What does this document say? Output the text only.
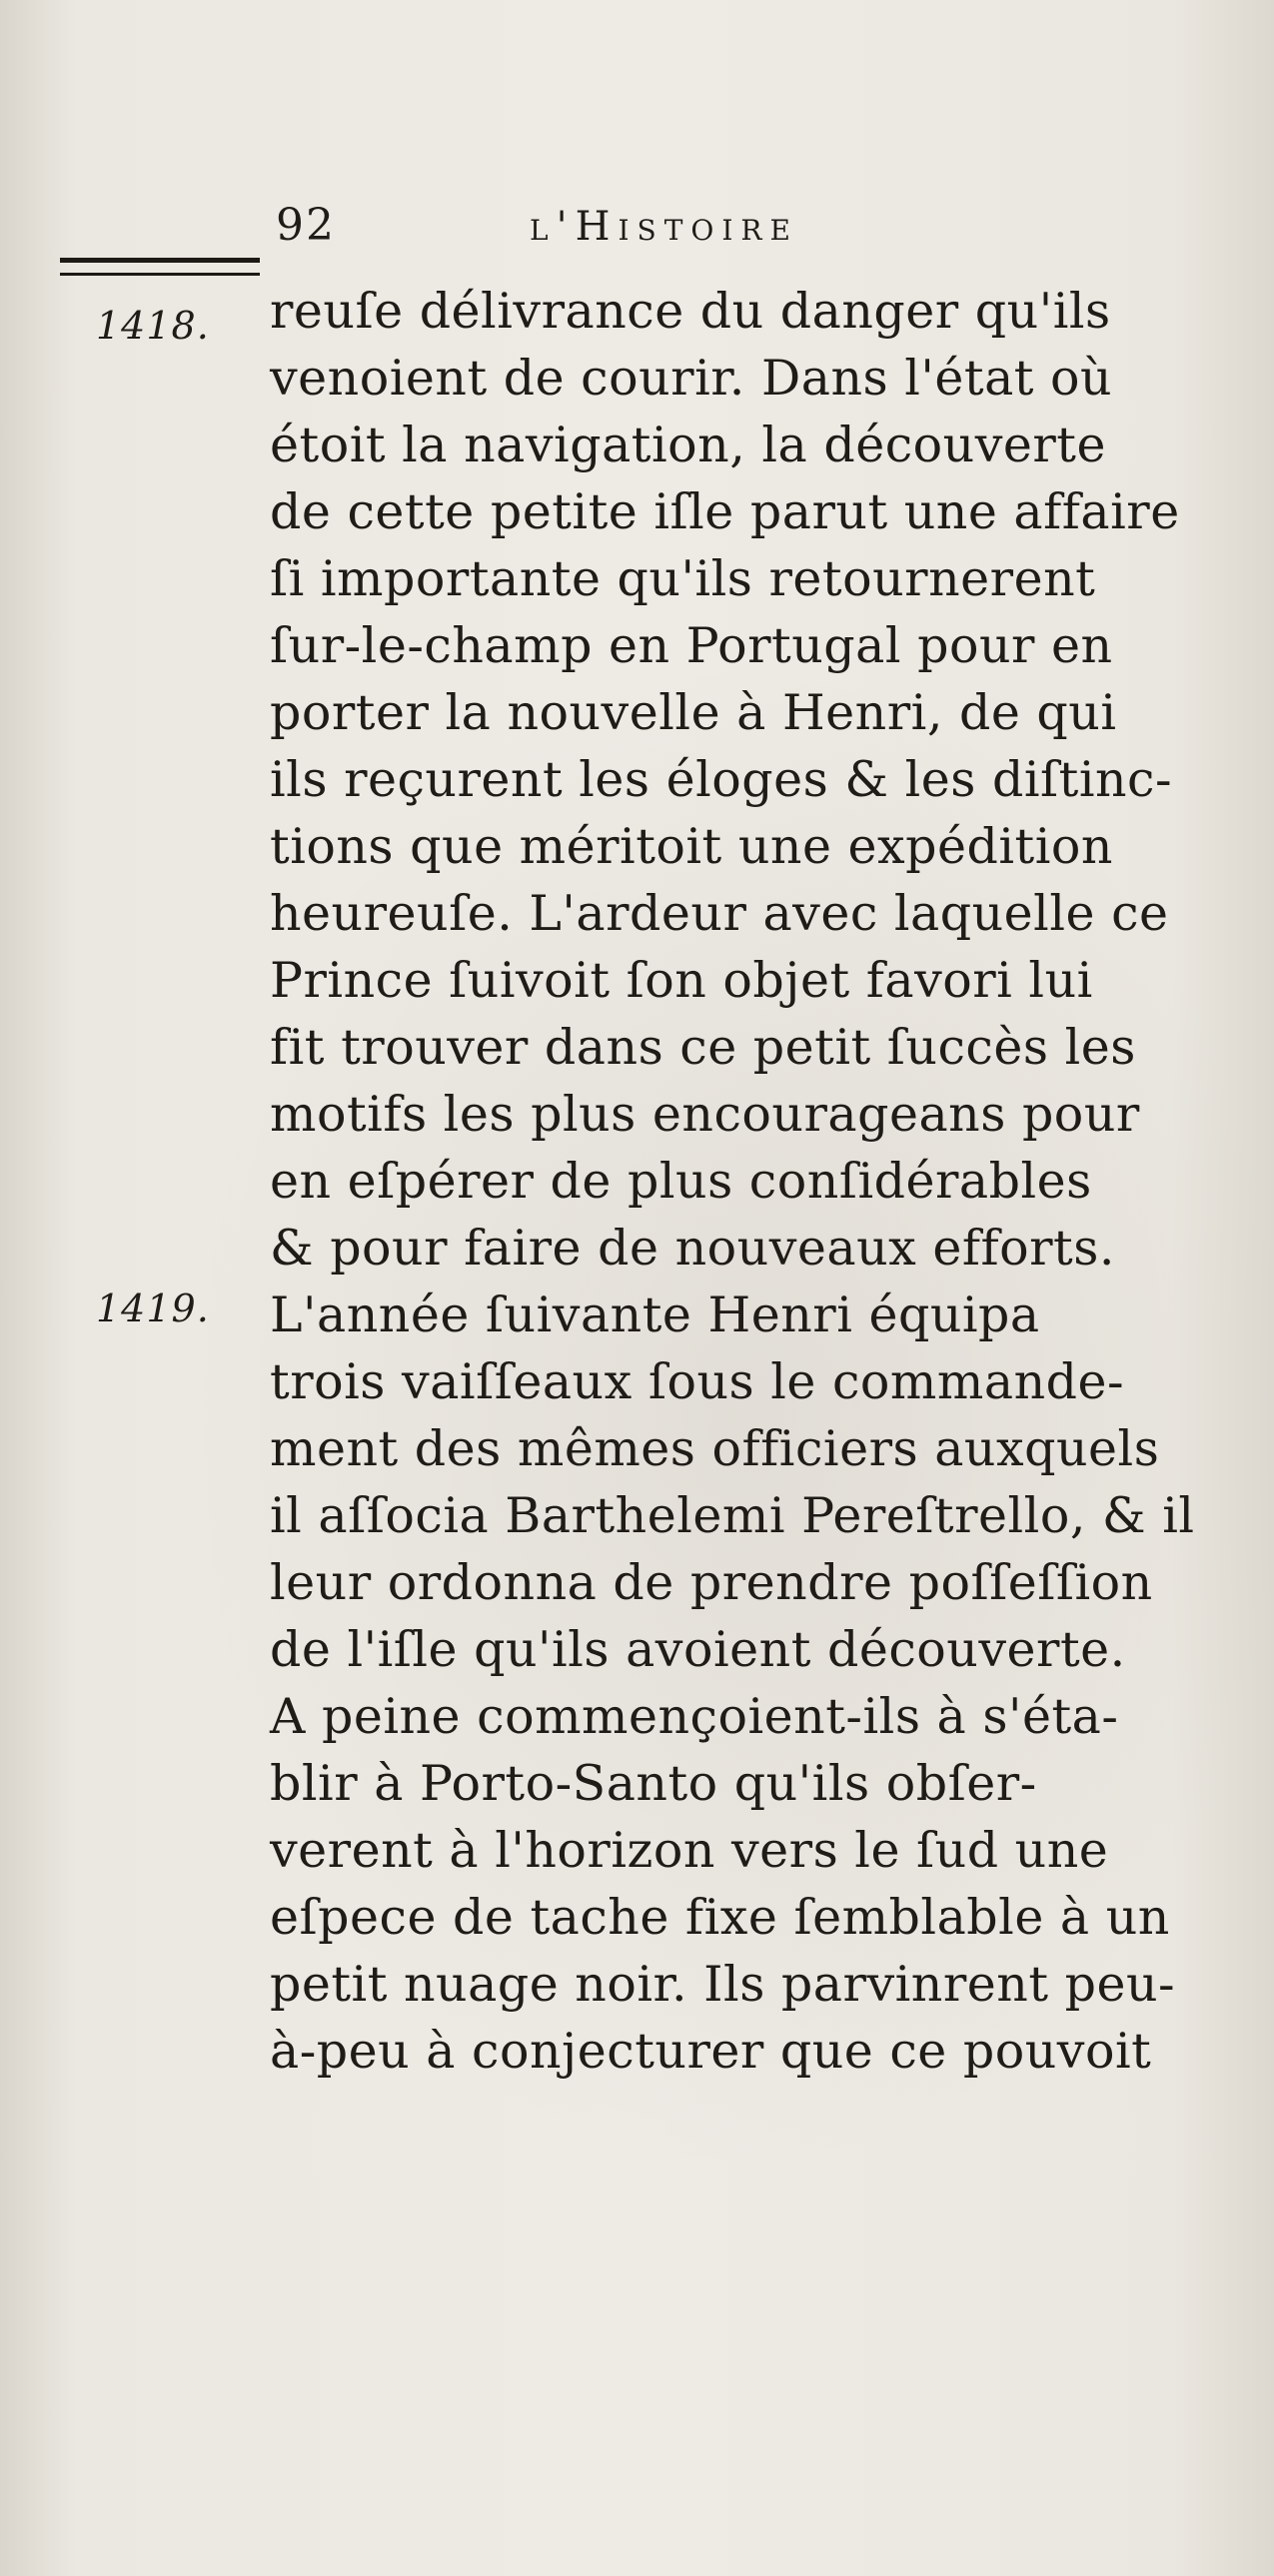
92	l'Histoire
1418.
1419.
reuſe délivrance du danger qu'ils
venoient de courir. Dans l'état où
étoit la navigation, la découverte
de cette petite iſle parut une affaire
ſi importante qu'ils retournerent
ſur-le-champ en Portugal pour en
porter la nouvelle à Henri, de qui
ils reçurent les éloges & les diſtinc-
tions que méritoit une expédition
heureuſe. L'ardeur avec laquelle ce
Prince ſuivoit ſon objet favori lui
fit trouver dans ce petit ſuccès les
motifs les plus encourageans pour
en eſpérer de plus conſidérables
& pour faire de nouveaux efforts.
L'année ſuivante Henri équipa
trois vaiſſeaux ſous le commande-
ment des mêmes officiers auxquels
il aſſocia Barthelemi Pereſtrello, & il
leur ordonna de prendre poſſeſſion
de l'iſle qu'ils avoient découverte.
A peine commençoient-ils à s'éta-
blir à Porto-Santo qu'ils obſer-
verent à l'horizon vers le ſud une
eſpece de tache fixe ſemblable à un
petit nuage noir. Ils parvinrent peu-
à-peu à conjecturer que ce pouvoit
